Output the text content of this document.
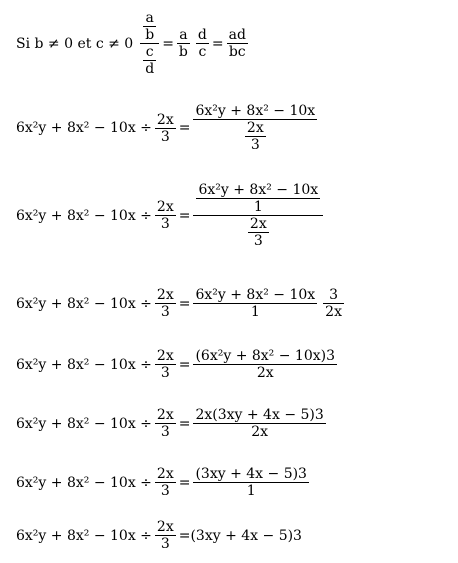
Si b ≠ 0 et $c \ne 0 \frac{\frac{a}{b}}{\frac{c}{d}} = \frac{a}{b} \frac{d}{c} = \frac{ad}{bc}$
$6x^2y + 8x^2 - 10x \div \frac{2x}{3} = \frac{\text{6x²y + 8x² − 10x}}{\frac{2x}{3}}$
$6x^2y + 8x^2 - 10x \div \frac{2x}{3} = \frac{\frac{\text{6x²y + 8x² − 10x}}{1}}{\frac{2x}{3}}$
$6x^2y + 8x^2 - 10x \div \frac{2x}{3} = \frac{\text{6x²y + 8x² − 10x}}{1} \frac{3}{2x}$
$6x^2y + 8x^2 - 10x \div \frac{2x}{3} = \frac{\text{(6x²y + 8x² − 10x)3}}{2x}$
$6x^2y + 8x^2 - 10x \div \frac{2x}{3} = \frac{2x(3xy + 4x - 5)3}{2x}$
$6x^2y + 8x^2 - 10x \div \frac{2x}{3} = \frac{(3xy + 4x - 5)3}{1}$
$6x^2y + 8x^2 - 10x \div \frac{2x}{3} = (3xy + 4x - 5)3$
